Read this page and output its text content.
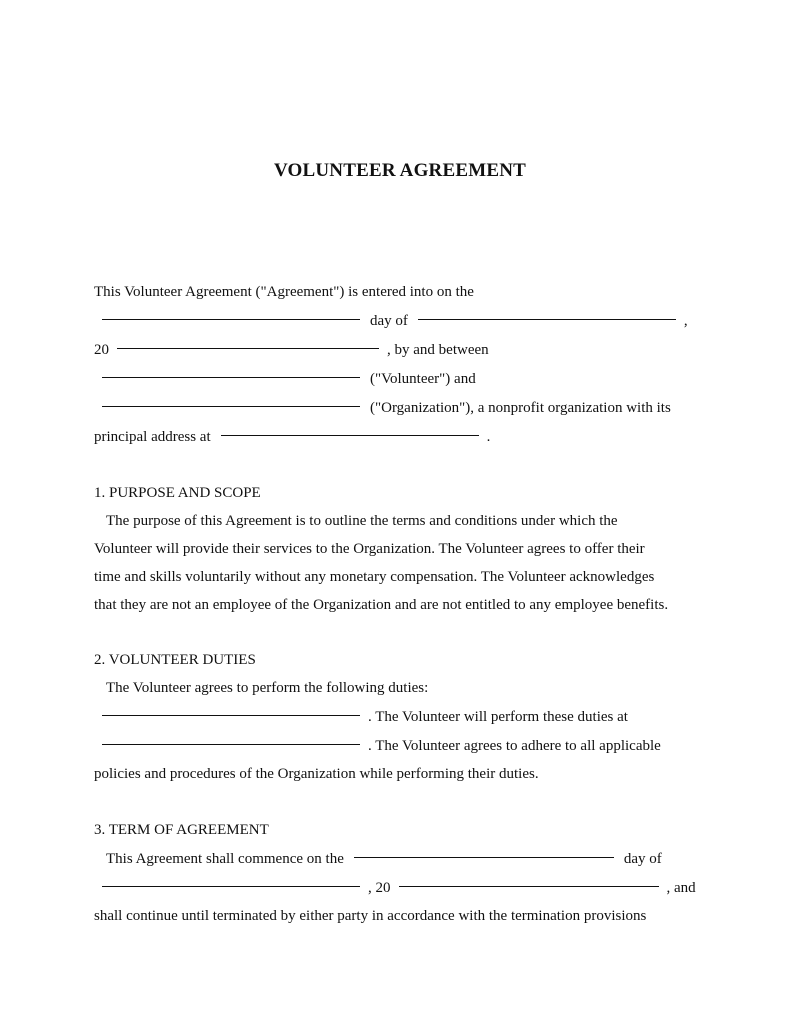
VOLUNTEER AGREEMENT
This Volunteer Agreement ("Agreement") is entered into on the
day of	,
20	, by and between
("Volunteer") and
("Organization"), a nonprofit organization with its
principal address at	.
1. PURPOSE AND SCOPE
The purpose of this Agreement is to outline the terms and conditions under which the
Volunteer will provide their services to the Organization. The Volunteer agrees to offer their
time and skills voluntarily without any monetary compensation. The Volunteer acknowledges
that they are not an employee of the Organization and are not entitled to any employee benefits.
2. VOLUNTEER DUTIES
The Volunteer agrees to perform the following duties:
. The Volunteer will perform these duties at
. The Volunteer agrees to adhere to all applicable
policies and procedures of the Organization while performing their duties.
3. TERM OF AGREEMENT
This Agreement shall commence on the	day of
, 20	, and
shall continue until terminated by either party in accordance with the termination provisions
